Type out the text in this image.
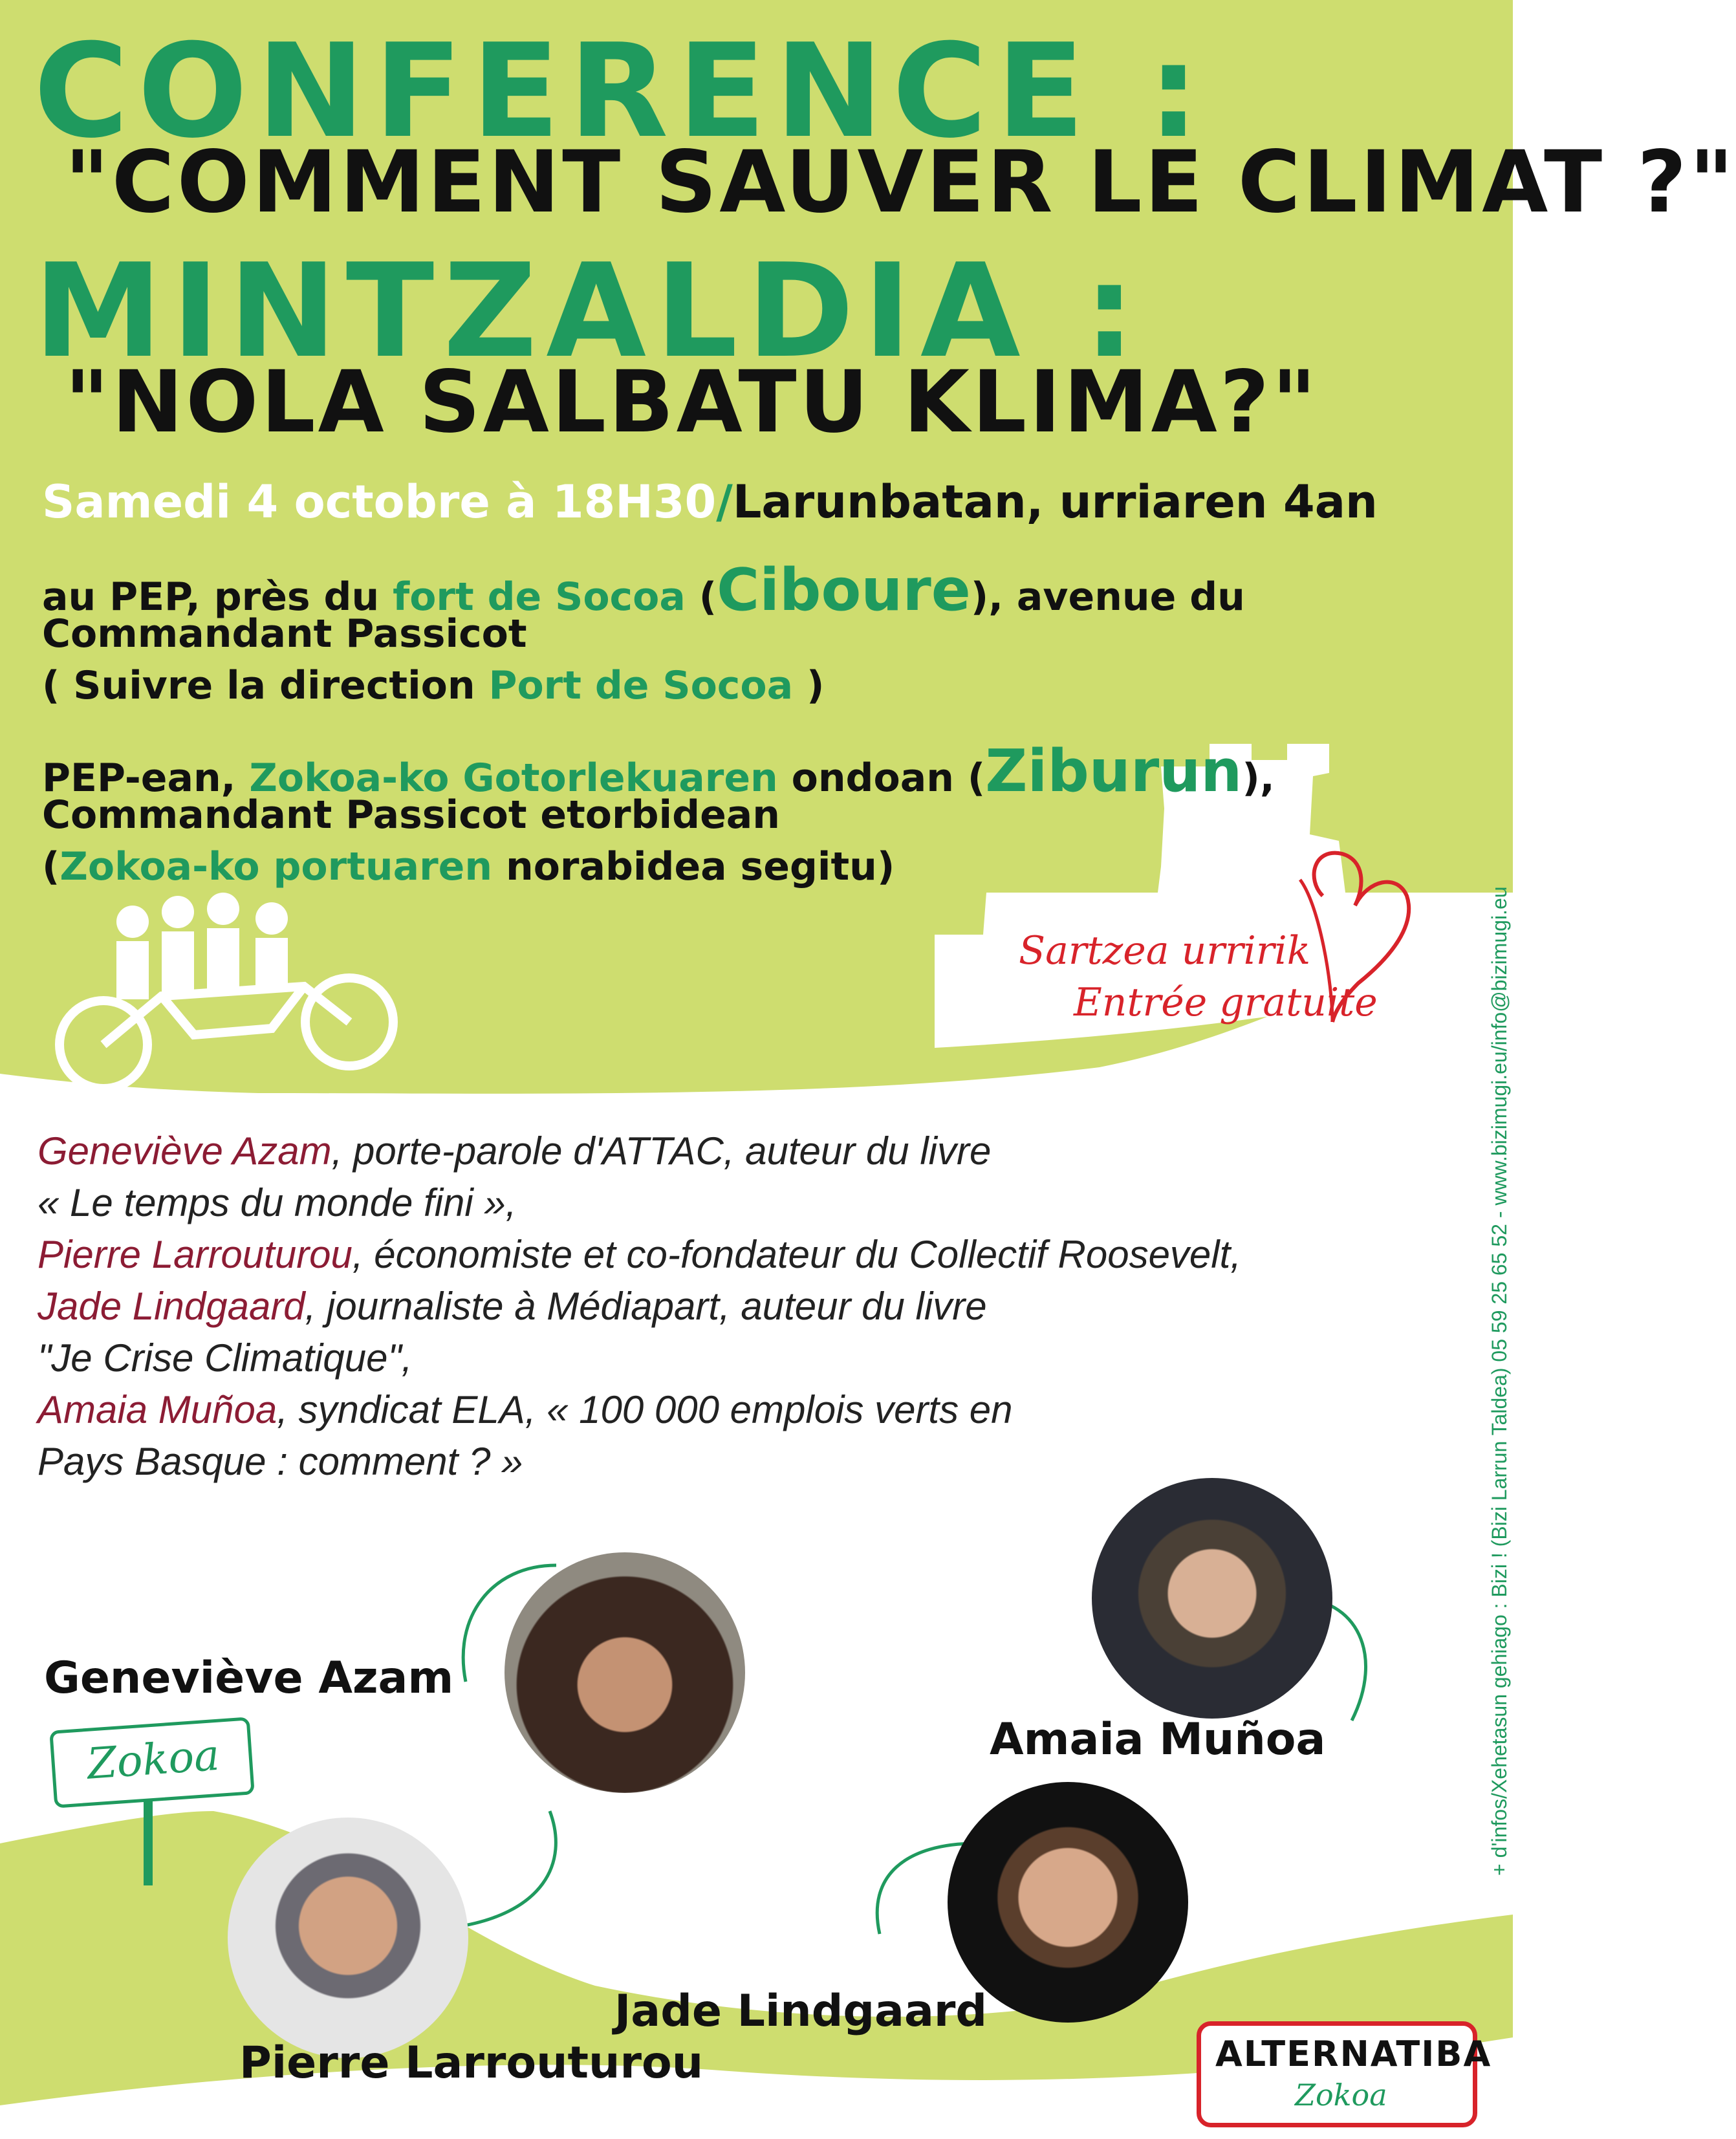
CONFERENCE :
"COMMENT SAUVER LE CLIMAT ?"
MINTZALDIA :
"NOLA SALBATU KLIMA?"
Samedi 4 octobre à 18H30/Larunbatan, urriaren 4an
au PEP, près du fort de Socoa (Ciboure), avenue du
Commandant Passicot
( Suivre la direction Port de Socoa )
PEP-ean, Zokoa-ko Gotorlekuaren ondoan (Ziburun),
Commandant Passicot etorbidean
(Zokoa-ko portuaren norabidea segitu)
Sartzea urririk
Entrée gratuite

Geneviève Azam, porte-parole d'ATTAC, auteur du livre

« Le temps du monde fini »,

Pierre Larrouturou, économiste et co-fondateur du Collectif Roosevelt,

Jade Lindgaard, journaliste à Médiapart, auteur du livre

"Je Crise Climatique",

Amaia Muñoa, syndicat ELA, « 100 000 emplois verts en

Pays Basque : comment ? »

Geneviève Azam
Amaia Muñoa
Pierre Larrouturou
Jade Lindgaard
Zokoa
ALTERNATIBA
Zokoa
+ d'infos/Xehetasun gehiago : Bizi ! (Bizi Larrun Taldea) 05 59 25 65 52 - www.bizimugi.eu/info@bizimugi.eu
